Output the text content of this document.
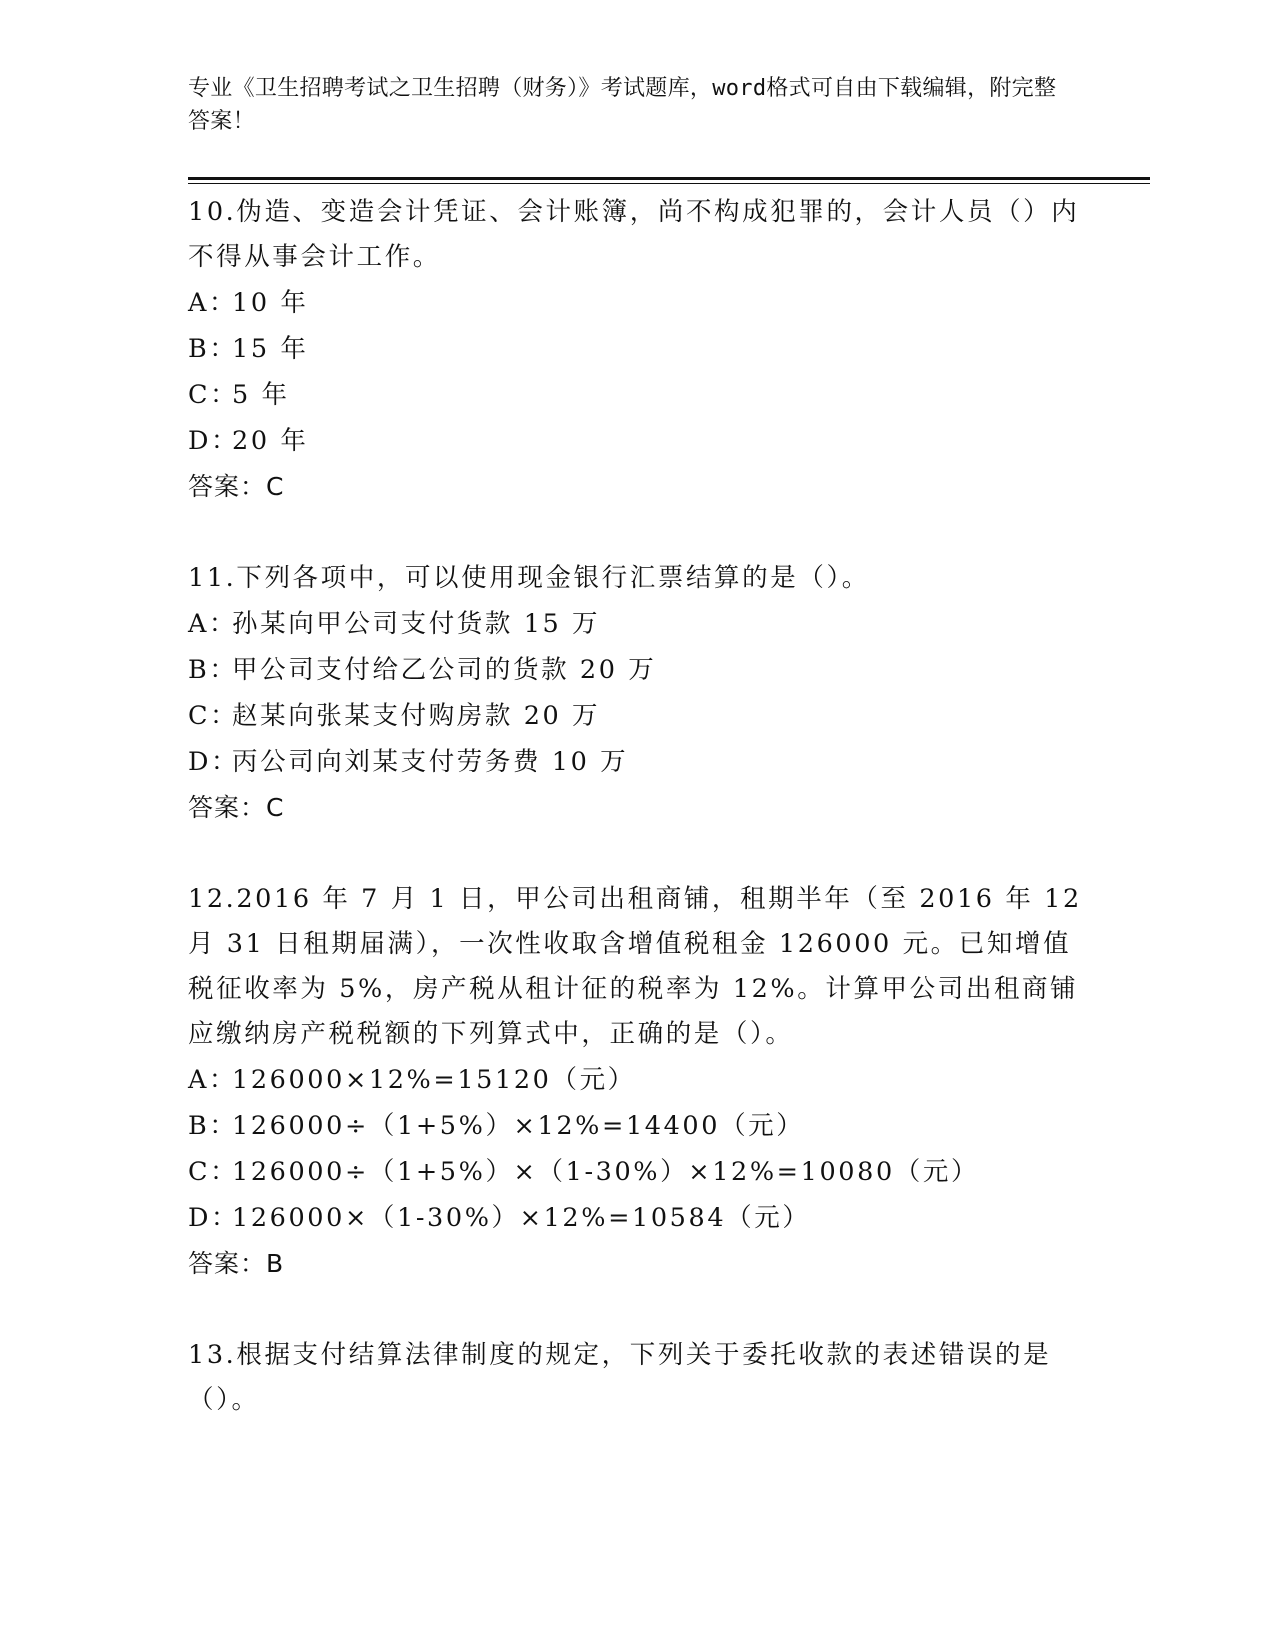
专业《卫生招聘考试之卫生招聘（财务）》考试题库，word格式可自由下载编辑，附完整答案！
10.伪造、变造会计凭证、会计账簿，尚不构成犯罪的，会计人员（）内不得从事会计工作。
A：10 年
B：15 年
C：5 年
D：20 年
答案：C
11.下列各项中，可以使用现金银行汇票结算的是（）。
A：孙某向甲公司支付货款 15 万
B：甲公司支付给乙公司的货款 20 万
C：赵某向张某支付购房款 20 万
D：丙公司向刘某支付劳务费 10 万
答案：C
12.2016 年 7 月 1 日，甲公司出租商铺，租期半年（至 2016 年 12 月 31 日租期届满），一次性收取含增值税租金 126000 元。已知增值税征收率为 5%，房产税从租计征的税率为 12%。计算甲公司出租商铺应缴纳房产税税额的下列算式中，正确的是（）。
A：126000×12%=15120（元）
B：126000÷（1+5%）×12%=14400（元）
C：126000÷（1+5%）×（1-30%）×12%=10080（元）
D：126000×（1-30%）×12%=10584（元）
答案：B
13.根据支付结算法律制度的规定，下列关于委托收款的表述错误的是（）。
